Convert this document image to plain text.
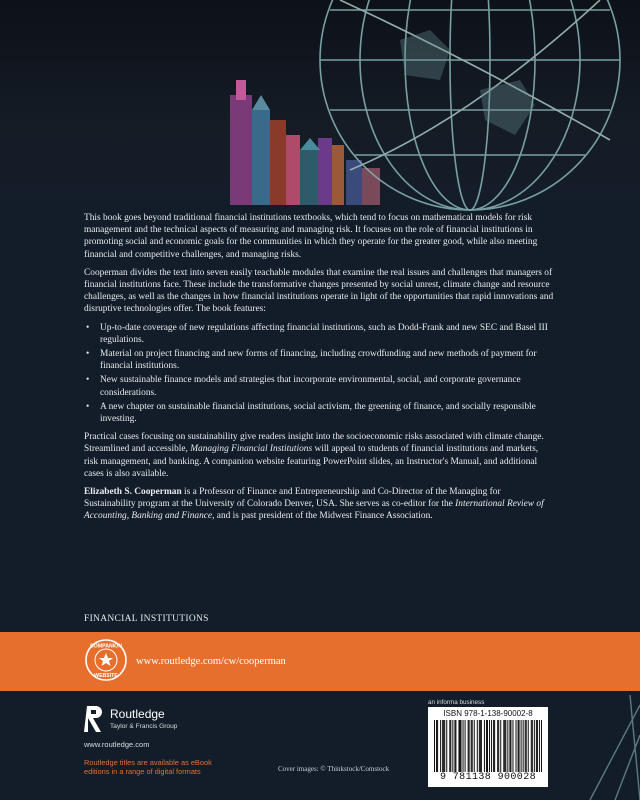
This book goes beyond traditional financial institutions textbooks, which tend to focus on mathematical models for risk management and the technical aspects of measuring and managing risk. It focuses on the role of financial institutions in promoting social and economic goals for the communities in which they operate for the greater good, while also meeting financial and competitive challenges, and managing risks.

Cooperman divides the text into seven easily teachable modules that examine the real issues and challenges that managers of financial institutions face. These include the transformative changes presented by social unrest, climate change and resource challenges, as well as the changes in how financial institutions operate in light of the opportunities that rapid innovations and disruptive technologies offer. The book features:

• Up-to-date coverage of new regulations affecting financial institutions, such as Dodd-Frank and new SEC and Basel III regulations.
• Material on project financing and new forms of financing, including crowdfunding and new methods of payment for financial institutions.
• New sustainable finance models and strategies that incorporate environmental, social, and corporate governance considerations.
• A new chapter on sustainable financial institutions, social activism, the greening of finance, and socially responsible investing.

Practical cases focusing on sustainability give readers insight into the socioeconomic risks associated with climate change. Streamlined and accessible, Managing Financial Institutions will appeal to students of financial institutions and markets, risk management, and banking. A companion website featuring PowerPoint slides, an Instructor's Manual, and additional cases is also available.

Elizabeth S. Cooperman is a Professor of Finance and Entrepreneurship and Co-Director of the Managing for Sustainability program at the University of Colorado Denver, USA. She serves as co-editor for the International Review of Accounting, Banking and Finance, and is past president of the Midwest Finance Association.

FINANCIAL INSTITUTIONS
COMPANION
WEBSITE
www.routledge.com/cw/cooperman
Routledge
Taylor & Francis Group
www.routledge.com
Routledge titles are available as eBook editions in a range of digital formats	Cover images: © Thinkstock/Comstock
an informa business
ISBN 978-1-138-90002-8
9 781138 900028
